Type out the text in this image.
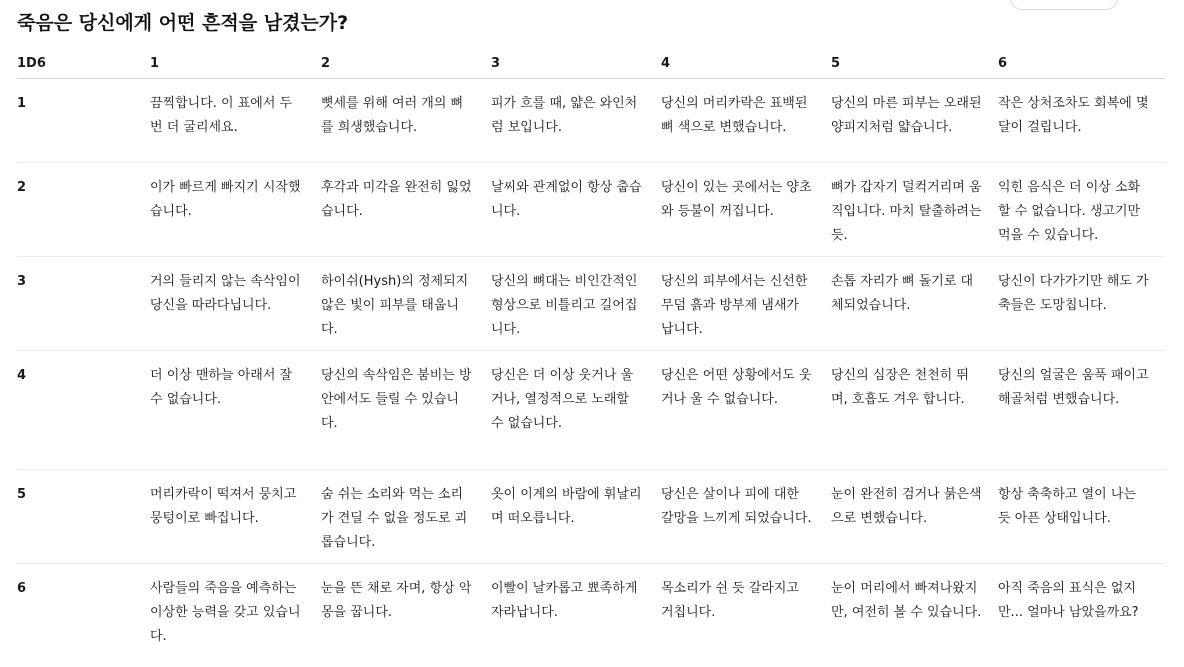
죽음은 당신에게 어떤 흔적을 남겼는가?
1D6	1	2	3	4	5	6
1	끔찍합니다. 이 표에서 두 번 더 굴리세요.	뼛세를 위해 여러 개의 뼈를 희생했습니다.	피가 흐를 때, 얇은 와인처럼 보입니다.	당신의 머리카락은 표백된 뼈 색으로 변했습니다.	당신의 마른 피부는 오래된 양피지처럼 얇습니다.	작은 상처조차도 회복에 몇 달이 걸립니다.
2	이가 빠르게 빠지기 시작했습니다.	후각과 미각을 완전히 잃었습니다.	날씨와 관계없이 항상 춥습니다.	당신이 있는 곳에서는 양초와 등불이 꺼집니다.	뼈가 갑자기 덜컥거리며 움직입니다. 마치 탈출하려는 듯.	익힌 음식은 더 이상 소화할 수 없습니다. 생고기만 먹을 수 있습니다.
3	거의 들리지 않는 속삭임이 당신을 따라다닙니다.	하이쉬(Hysh)의 정제되지 않은 빛이 피부를 태웁니다.	당신의 뼈대는 비인간적인 형상으로 비틀리고 길어집니다.	당신의 피부에서는 신선한 무덤 흙과 방부제 냄새가 납니다.	손톱 자리가 뼈 돌기로 대체되었습니다.	당신이 다가가기만 해도 가축들은 도망칩니다.
4	더 이상 맨하늘 아래서 잘 수 없습니다.	당신의 속삭임은 붐비는 방 안에서도 들릴 수 있습니다.	당신은 더 이상 웃거나 울거나, 열정적으로 노래할 수 없습니다.	당신은 어떤 상황에서도 웃거나 울 수 없습니다.	당신의 심장은 천천히 뛰며, 호흡도 겨우 합니다.	당신의 얼굴은 움푹 패이고 해골처럼 변했습니다.
5	머리카락이 떡져서 뭉치고 뭉텅이로 빠집니다.	숨 쉬는 소리와 먹는 소리가 견딜 수 없을 정도로 괴롭습니다.	옷이 이계의 바람에 휘날리며 떠오릅니다.	당신은 살이나 피에 대한 갈망을 느끼게 되었습니다.	눈이 완전히 검거나 붉은색으로 변했습니다.	항상 축축하고 열이 나는 듯 아픈 상태입니다.
6	사람들의 죽음을 예측하는 이상한 능력을 갖고 있습니다.	눈을 뜬 채로 자며, 항상 악몽을 꿉니다.	이빨이 날카롭고 뾰족하게 자라납니다.	목소리가 쉰 듯 갈라지고 거칩니다.	눈이 머리에서 빠져나왔지만, 여전히 볼 수 있습니다.	아직 죽음의 표식은 없지만... 얼마나 남았을까요?
